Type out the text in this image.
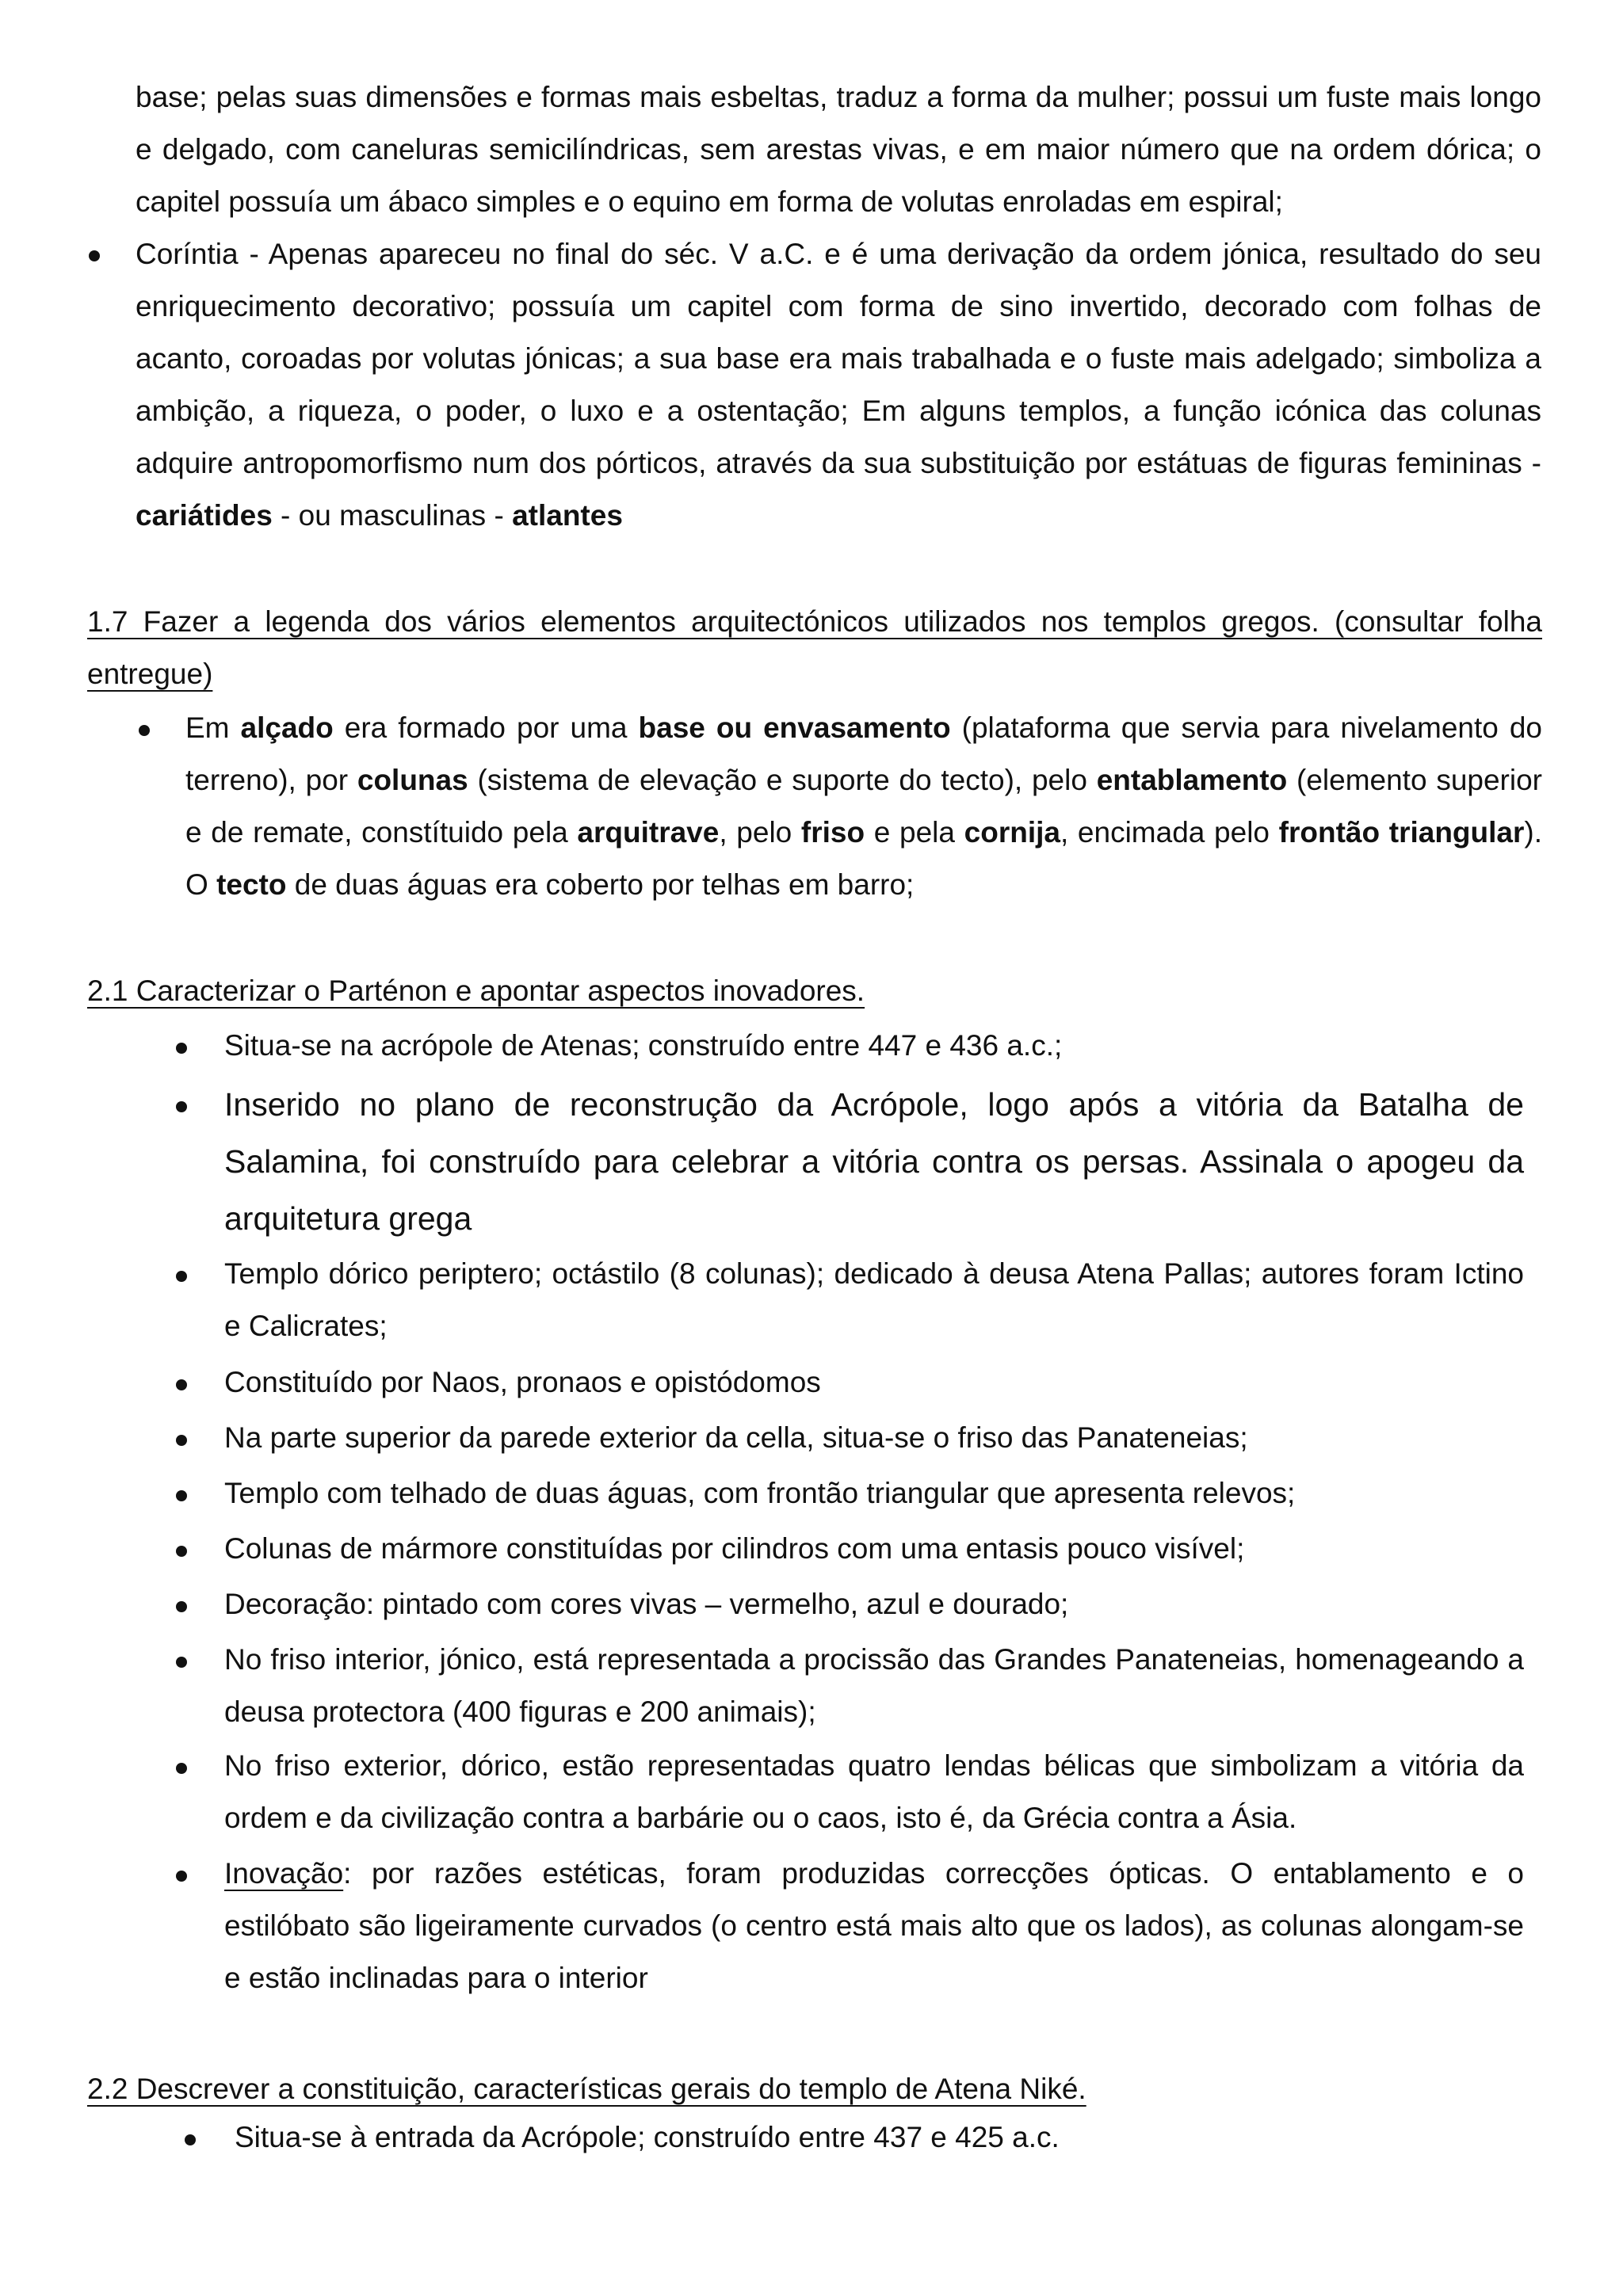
base; pelas suas dimensões e formas mais esbeltas, traduz a forma da mulher; possui um fuste mais longo e delgado, com caneluras semicilíndricas, sem arestas vivas, e em maior número que na ordem dórica; o capitel possuía um ábaco simples e o equino em forma de volutas enroladas em espiral;
Coríntia - Apenas apareceu no final do séc. V a.C. e é uma derivação da ordem jónica, resultado do seu enriquecimento decorativo; possuía um capitel com forma de sino invertido, decorado com folhas de acanto, coroadas por volutas jónicas; a sua base era mais trabalhada e o fuste mais adelgado; simboliza a ambição, a riqueza, o poder, o luxo e a ostentação; Em alguns templos, a função icónica das colunas adquire antropomorfismo num dos pórticos, através da sua substituição por estátuas de figuras femininas - cariátides - ou masculinas - atlantes
1.7 Fazer a legenda dos vários elementos arquitectónicos utilizados nos templos gregos. (consultar folha entregue)
Em alçado era formado por uma base ou envasamento (plataforma que servia para nivelamento do terreno), por colunas (sistema de elevação e suporte do tecto), pelo entablamento (elemento superior e de remate, constítuido pela arquitrave, pelo friso e pela cornija, encimada pelo frontão triangular). O tecto de duas águas era coberto por telhas em barro;
2.1 Caracterizar o Parténon e apontar aspectos inovadores.
Situa-se na acrópole de Atenas; construído entre 447 e 436 a.c.;
Inserido no plano de reconstrução da Acrópole, logo após a vitória da Batalha de Salamina, foi construído para celebrar a vitória contra os persas. Assinala o apogeu da arquitetura grega
Templo dórico periptero; octástilo (8 colunas); dedicado à deusa Atena Pallas; autores foram Ictino e Calicrates;
Constituído por Naos, pronaos e opistódomos
Na parte superior da parede exterior da cella, situa-se o friso das Panateneias;
Templo com telhado de duas águas, com frontão triangular que apresenta relevos;
Colunas de mármore constituídas por cilindros com uma entasis pouco visível;
Decoração: pintado com cores vivas – vermelho, azul e dourado;
No friso interior, jónico, está representada a procissão das Grandes Panateneias, homenageando a deusa protectora (400 figuras e 200 animais);
No friso exterior, dórico, estão representadas quatro lendas bélicas que simbolizam a vitória da ordem e da civilização contra a barbárie ou o caos, isto é, da Grécia contra a Ásia.
Inovação: por razões estéticas, foram produzidas correcções ópticas. O entablamento e o estilóbato são ligeiramente curvados (o centro está mais alto que os lados), as colunas alongam-se e estão inclinadas para o interior
2.2 Descrever a constituição, características gerais do templo de Atena Niké.
Situa-se à entrada da Acrópole; construído entre 437 e 425 a.c.
